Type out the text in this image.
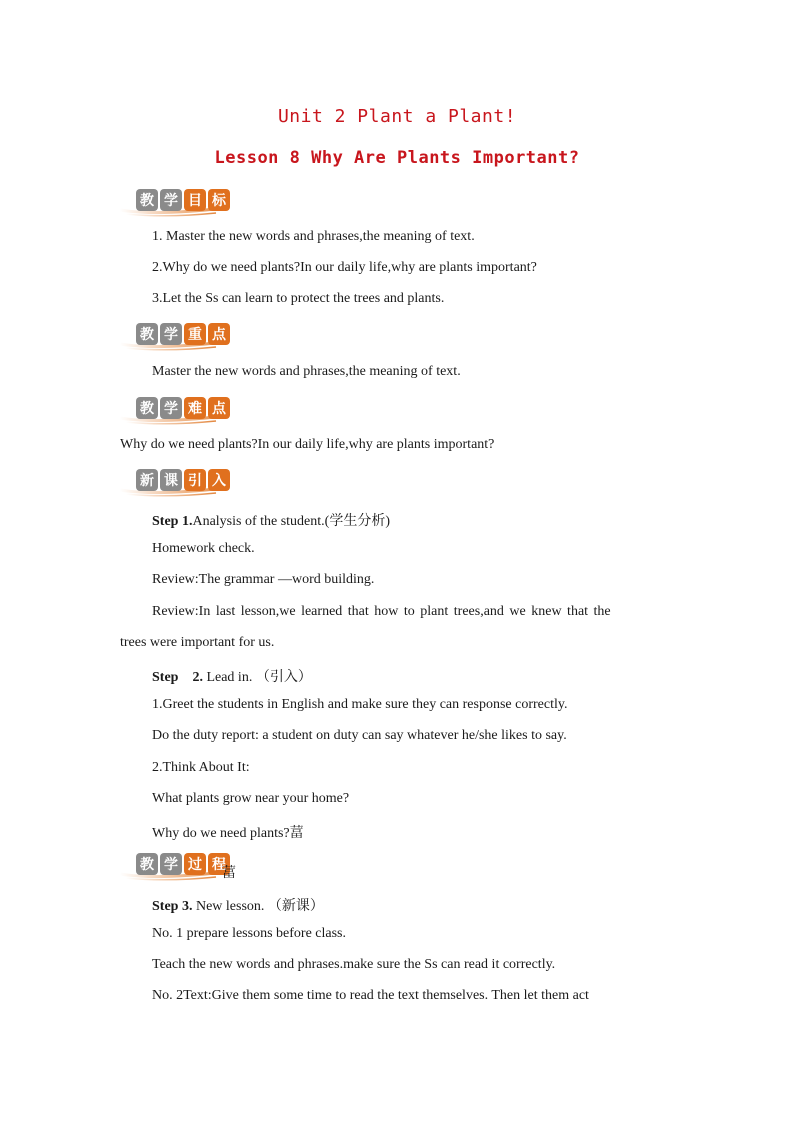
Unit 2 Plant a Plant!
Lesson 8 Why Are Plants Important?
教 学 目 标
1. Master the new words and phrases,the meaning of text.
2.Why do we need plants?In our daily life,why are plants important?
3.Let the Ss can learn to protect the trees and plants.
教 学 重 点
Master the new words and phrases,the meaning of text.
教 学 难 点
Why do we need plants?In our daily life,why are plants important?
新 课 引 入
Step 1.Analysis of the student.(学生分析)
Homework check.
Review:The grammar —word building.
Review:In last lesson,we learned that how to plant trees,and we knew that the
trees were important for us.
Step    2. Lead in. （引入）
1.Greet the students in English and make sure they can response correctly.
Do the duty report: a student on duty can say whatever he/she likes to say.
2.Think About It:
What plants grow near your home?
Why do we need plants?葍
教 学 过 程
葍
Step 3. New lesson. （新课）
No. 1 prepare lessons before class.
Teach the new words and phrases.make sure the Ss can read it correctly.
No. 2Text:Give them some time to read the text themselves. Then let them act
